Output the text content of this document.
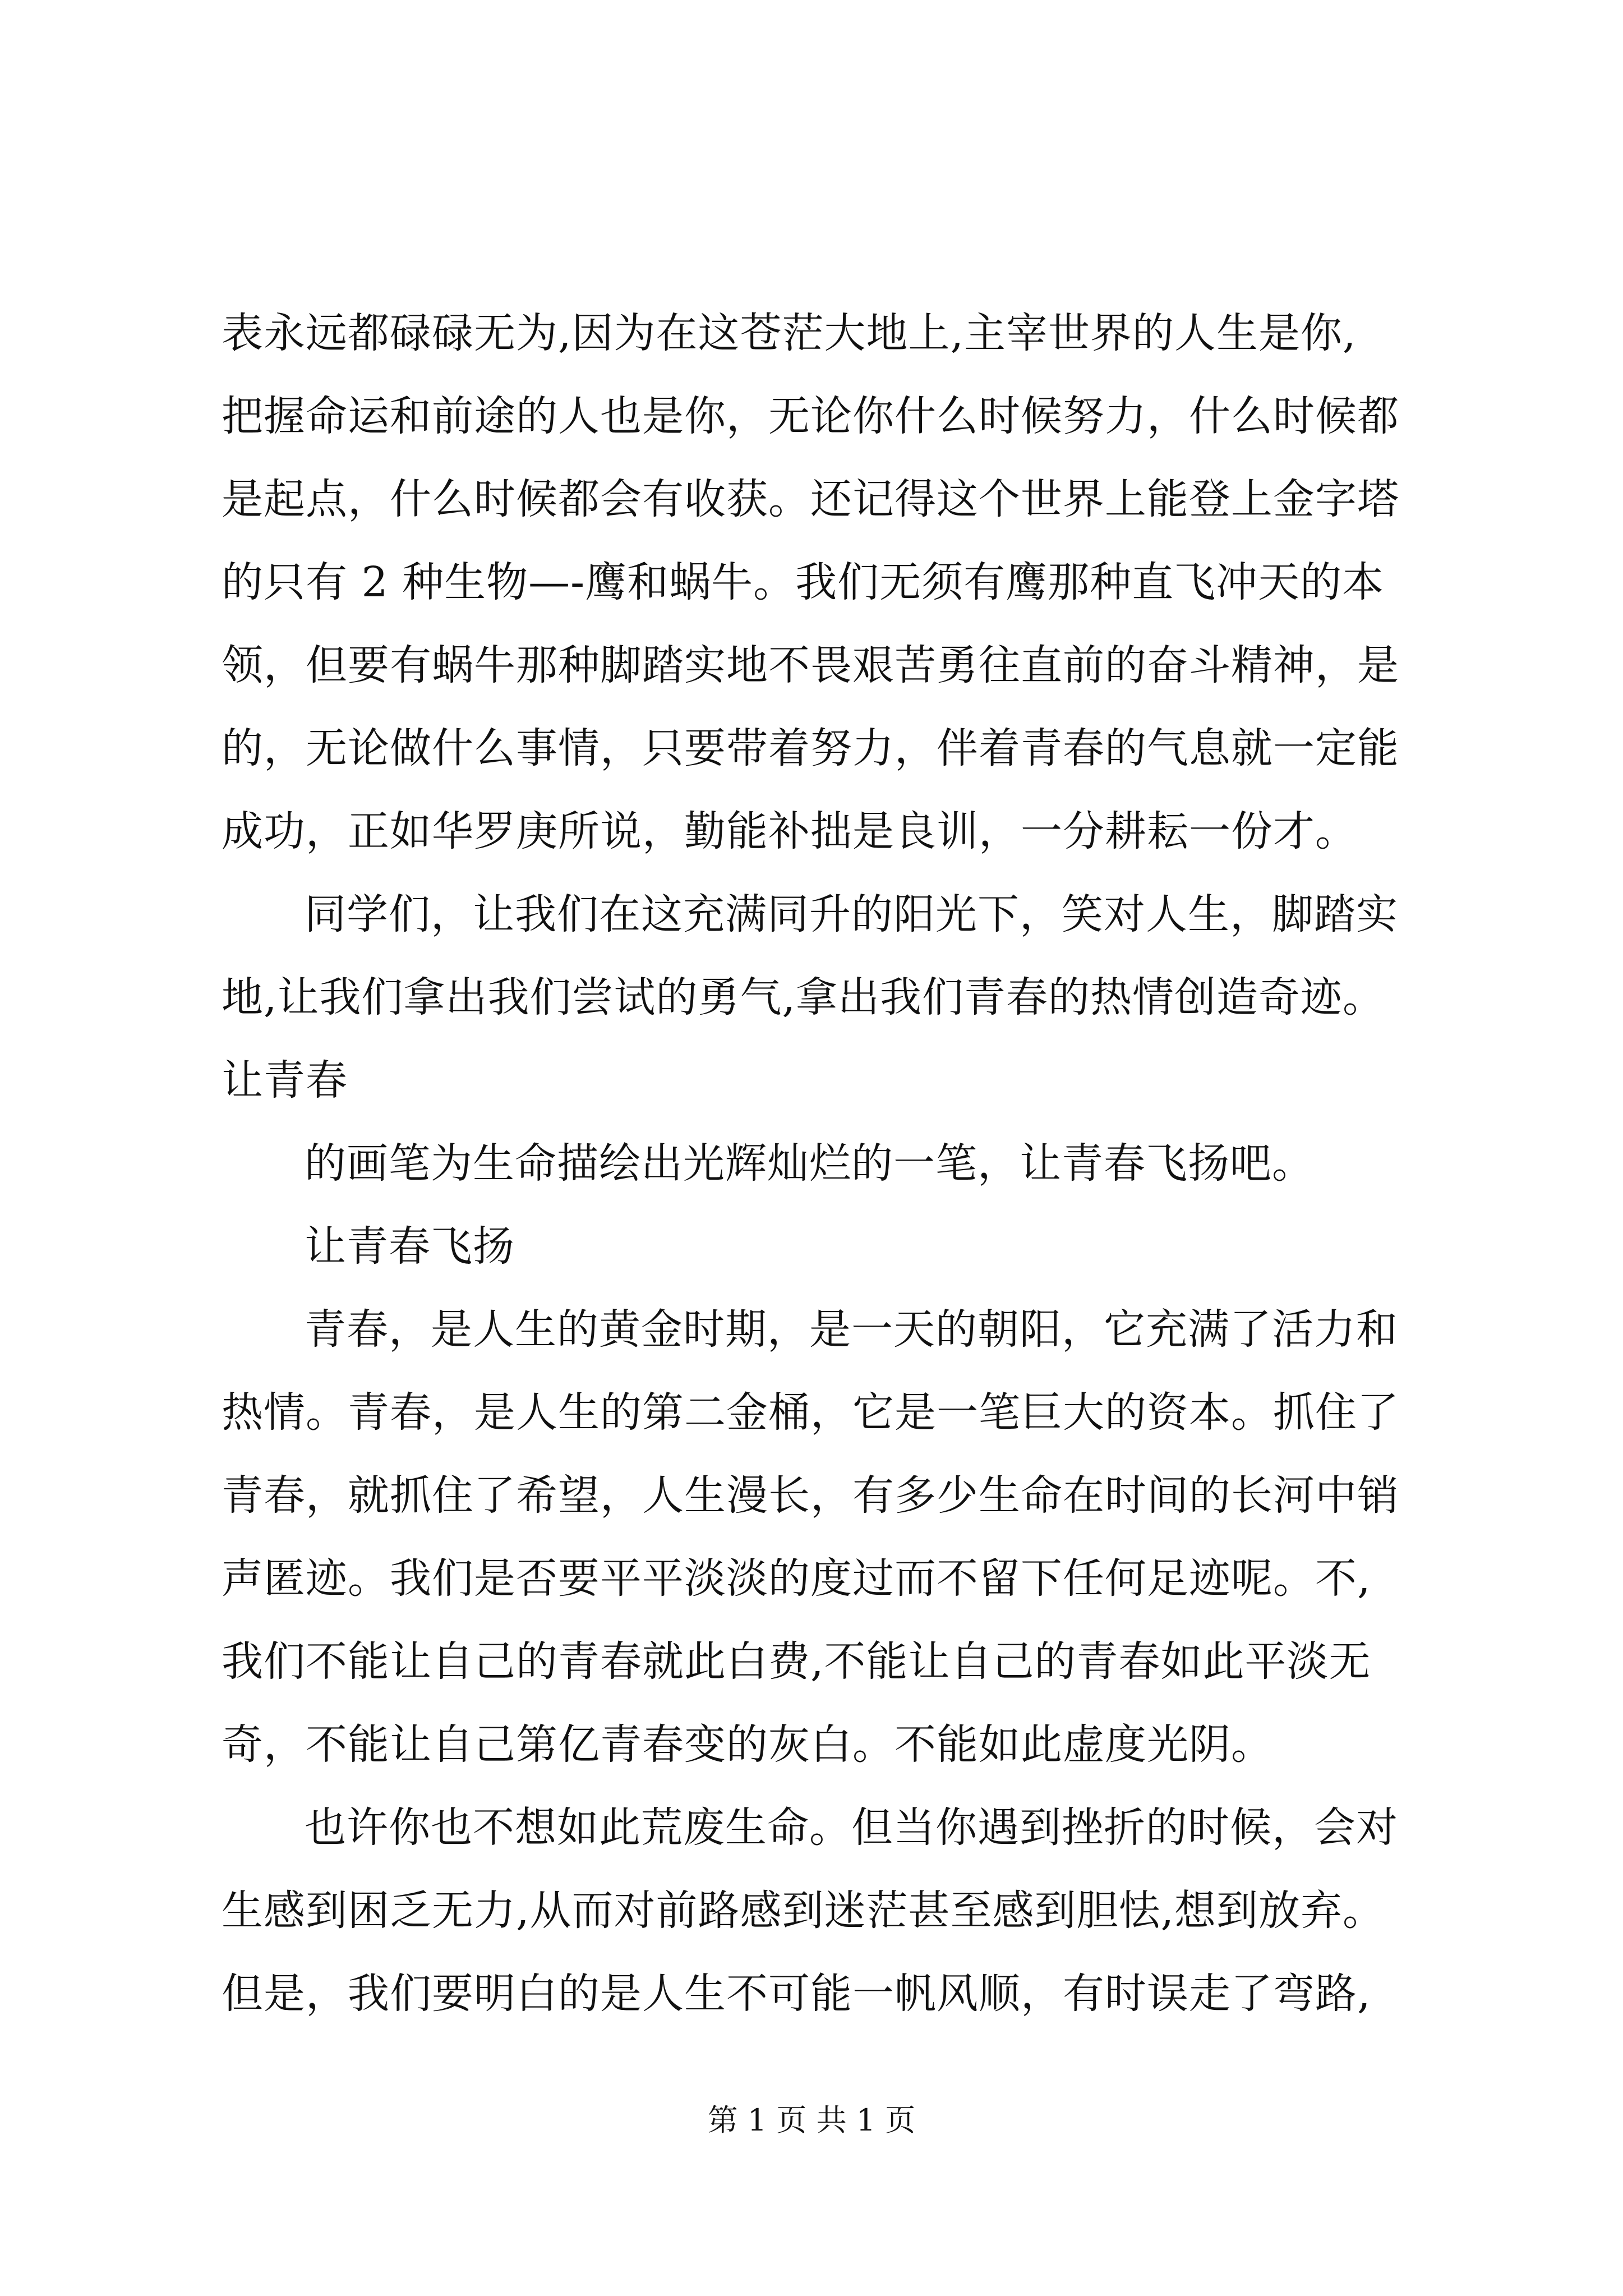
表永远都碌碌无为,因为在这苍茫大地上,主宰世界的人生是你,
把握命运和前途的人也是你，无论你什么时候努力，什么时候都
是起点，什么时候都会有收获。还记得这个世界上能登上金字塔
的只有 2 种生物—-鹰和蜗牛。我们无须有鹰那种直飞冲天的本
领，但要有蜗牛那种脚踏实地不畏艰苦勇往直前的奋斗精神，是
的，无论做什么事情，只要带着努力，伴着青春的气息就一定能
成功，正如华罗庚所说，勤能补拙是良训，一分耕耘一份才。
同学们，让我们在这充满同升的阳光下，笑对人生，脚踏实
地,让我们拿出我们尝试的勇气,拿出我们青春的热情创造奇迹。
让青春
的画笔为生命描绘出光辉灿烂的一笔，让青春飞扬吧。
让青春飞扬
青春，是人生的黄金时期，是一天的朝阳，它充满了活力和
热情。青春，是人生的第二金桶，它是一笔巨大的资本。抓住了
青春，就抓住了希望，人生漫长，有多少生命在时间的长河中销
声匿迹。我们是否要平平淡淡的度过而不留下任何足迹呢。不,
我们不能让自己的青春就此白费,不能让自己的青春如此平淡无
奇，不能让自己第亿青春变的灰白。不能如此虚度光阴。
也许你也不想如此荒废生命。但当你遇到挫折的时候，会对
生感到困乏无力,从而对前路感到迷茫甚至感到胆怯,想到放弃。
但是，我们要明白的是人生不可能一帆风顺，有时误走了弯路,
第 1 页 共 1 页
